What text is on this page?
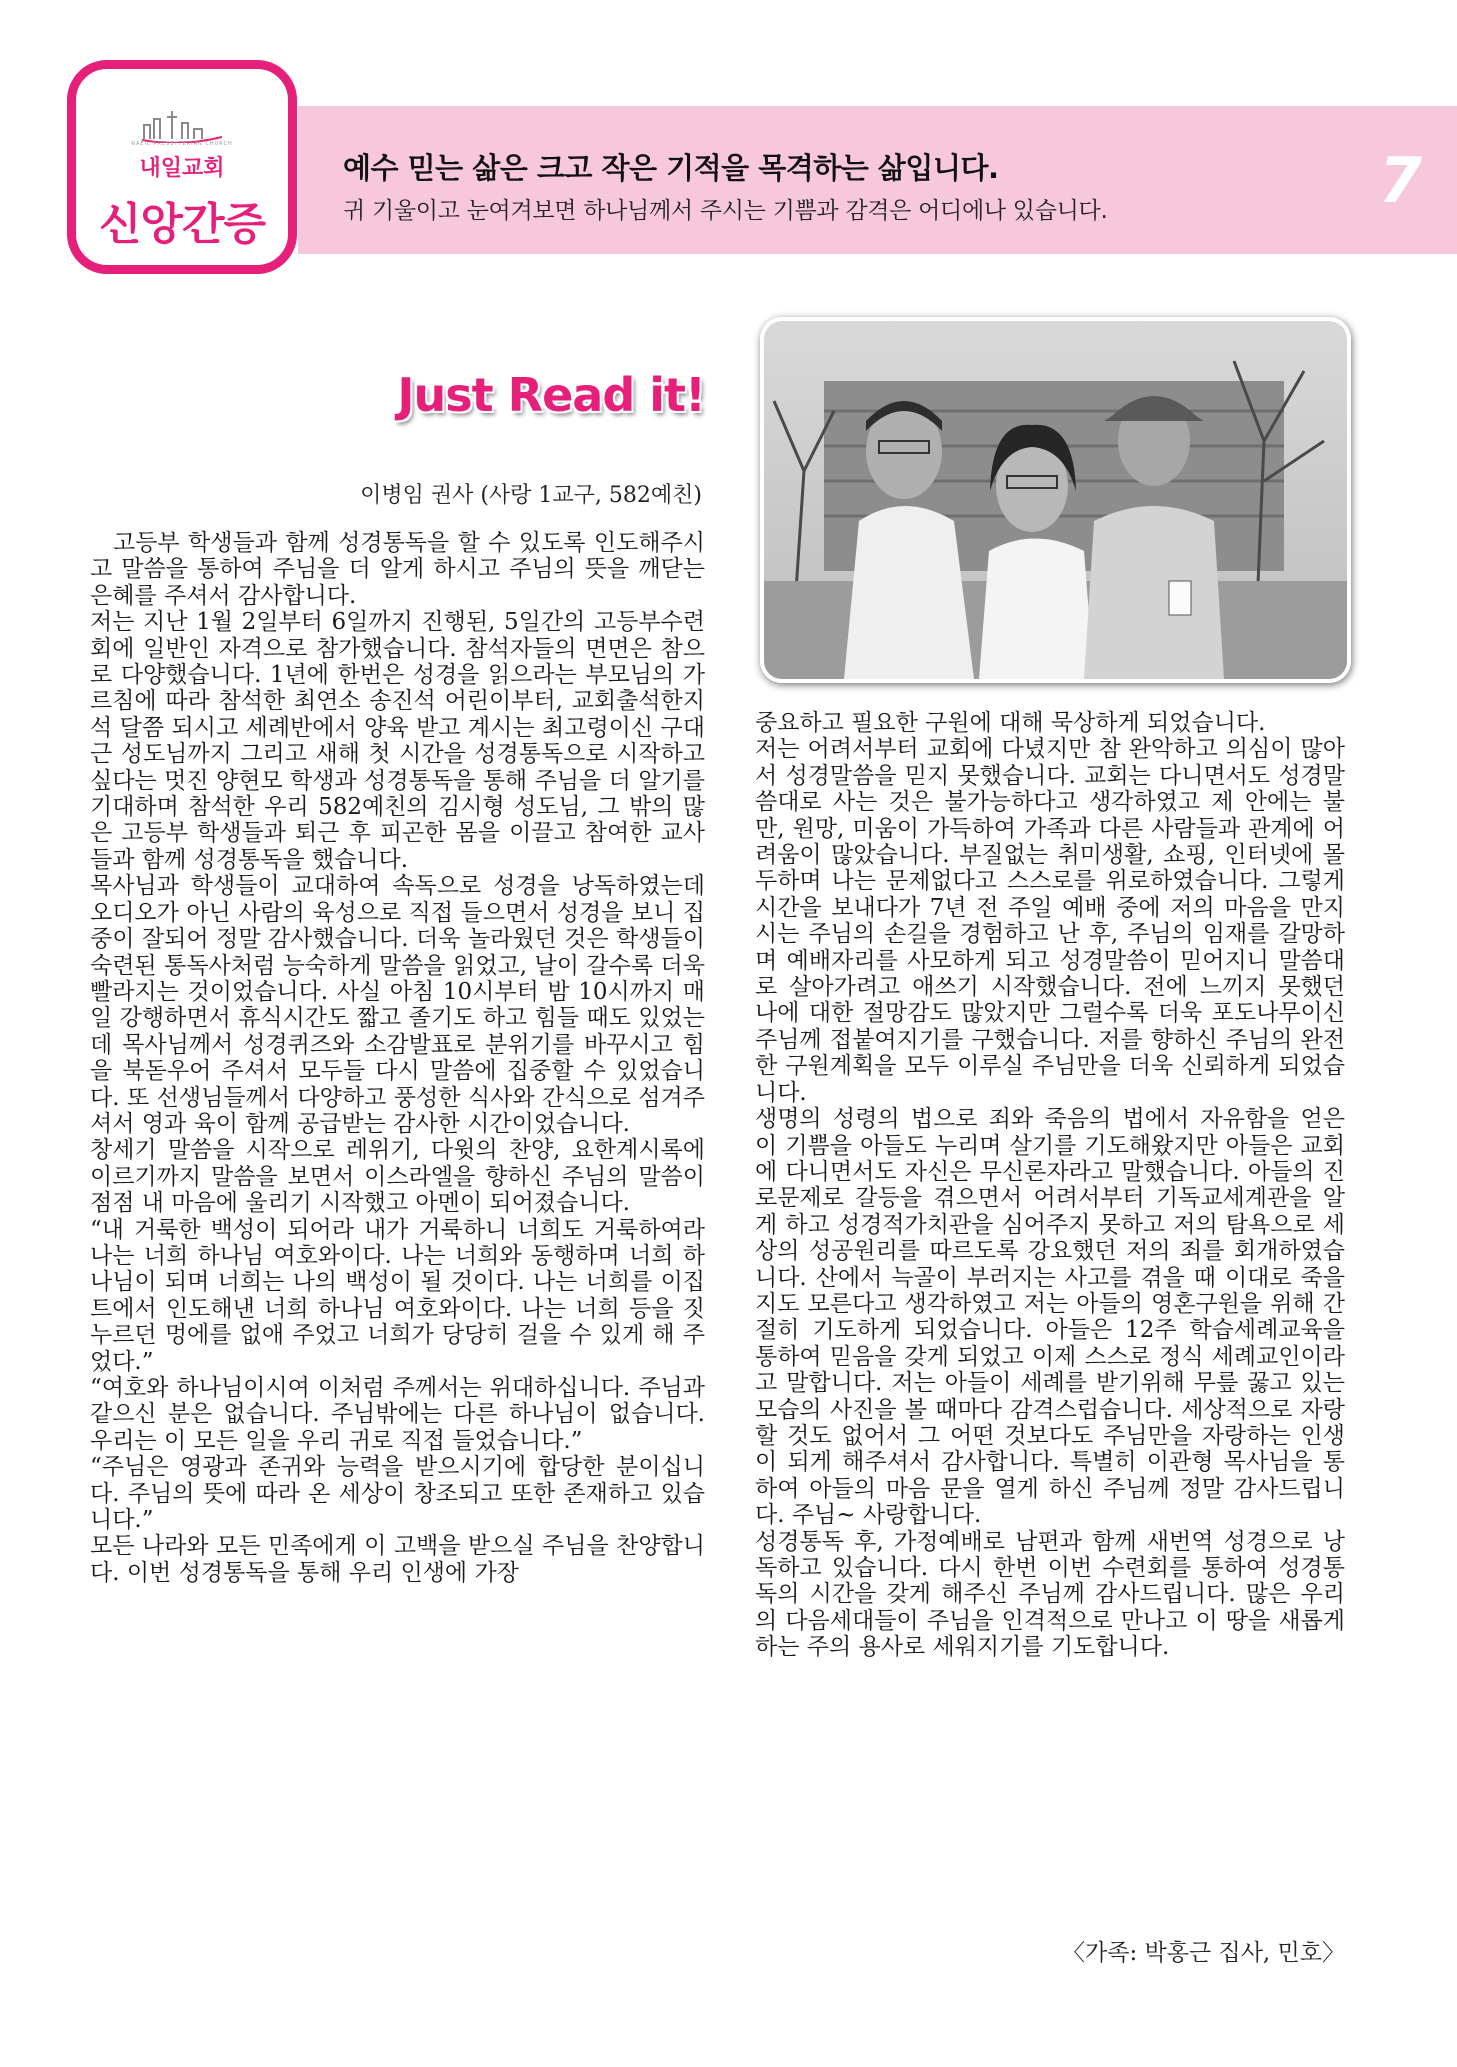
NAEIL PRESBYTERIAN CHURCH
내일교회
신앙간증
예수 믿는 삶은 크고 작은 기적을 목격하는 삶입니다.
귀 기울이고 눈여겨보면 하나님께서 주시는 기쁨과 감격은 어디에나 있습니다.	7
Just Read it!
이병임 권사 (사랑 1교구, 582예친)

고등부 학생들과 함께 성경통독을 할 수 있도록 인도해주시고 말씀을 통하여 주님을 더 알게 하시고 주님의 뜻을 깨닫는 은혜를 주셔서 감사합니다.

저는 지난 1월 2일부터 6일까지 진행된, 5일간의 고등부수련회에 일반인 자격으로 참가했습니다. 참석자들의 면면은 참으로 다양했습니다. 1년에 한번은 성경을 읽으라는 부모님의 가르침에 따라 참석한 최연소 송진석 어린이부터, 교회출석한지 석 달쯤 되시고 세례반에서 양육 받고 계시는 최고령이신 구대근 성도님까지 그리고 새해 첫 시간을 성경통독으로 시작하고 싶다는 멋진 양현모 학생과 성경통독을 통해 주님을 더 알기를 기대하며 참석한 우리 582예친의 김시형 성도님, 그 밖의 많은 고등부 학생들과 퇴근 후 피곤한 몸을 이끌고 참여한 교사들과 함께 성경통독을 했습니다.

목사님과 학생들이 교대하여 속독으로 성경을 낭독하였는데 오디오가 아닌 사람의 육성으로 직접 들으면서 성경을 보니 집중이 잘되어 정말 감사했습니다. 더욱 놀라웠던 것은 학생들이 숙련된 통독사처럼 능숙하게 말씀을 읽었고, 날이 갈수록 더욱 빨라지는 것이었습니다. 사실 아침 10시부터 밤 10시까지 매일 강행하면서 휴식시간도 짧고 졸기도 하고 힘들 때도 있었는데 목사님께서 성경퀴즈와 소감발표로 분위기를 바꾸시고 힘을 북돋우어 주셔서 모두들 다시 말씀에 집중할 수 있었습니다. 또 선생님들께서 다양하고 풍성한 식사와 간식으로 섬겨주셔서 영과 육이 함께 공급받는 감사한 시간이었습니다.

창세기 말씀을 시작으로 레위기, 다윗의 찬양, 요한계시록에 이르기까지 말씀을 보면서 이스라엘을 향하신 주님의 말씀이 점점 내 마음에 울리기 시작했고 아멘이 되어졌습니다.

“내 거룩한 백성이 되어라 내가 거룩하니 너희도 거룩하여라 나는 너희 하나님 여호와이다. 나는 너희와 동행하며 너희 하나님이 되며 너희는 나의 백성이 될 것이다. 나는 너희를 이집트에서 인도해낸 너희 하나님 여호와이다. 나는 너희 등을 짓누르던 멍에를 없애 주었고 너희가 당당히 걸을 수 있게 해 주었다.”

“여호와 하나님이시여 이처럼 주께서는 위대하십니다. 주님과 같으신 분은 없습니다. 주님밖에는 다른 하나님이 없습니다. 우리는 이 모든 일을 우리 귀로 직접 들었습니다.”

“주님은 영광과 존귀와 능력을 받으시기에 합당한 분이십니다. 주님의 뜻에 따라 온 세상이 창조되고 또한 존재하고 있습니다.”

모든 나라와 모든 민족에게 이 고백을 받으실 주님을 찬양합니다. 이번 성경통독을 통해 우리 인생에 가장

중요하고 필요한 구원에 대해 묵상하게 되었습니다.

저는 어려서부터 교회에 다녔지만 참 완악하고 의심이 많아서 성경말씀을 믿지 못했습니다. 교회는 다니면서도 성경말씀대로 사는 것은 불가능하다고 생각하였고 제 안에는 불만, 원망, 미움이 가득하여 가족과 다른 사람들과 관계에 어려움이 많았습니다. 부질없는 취미생활, 쇼핑, 인터넷에 몰두하며 나는 문제없다고 스스로를 위로하였습니다. 그렇게 시간을 보내다가 7년 전 주일 예배 중에 저의 마음을 만지시는 주님의 손길을 경험하고 난 후, 주님의 임재를 갈망하며 예배자리를 사모하게 되고 성경말씀이 믿어지니 말씀대로 살아가려고 애쓰기 시작했습니다. 전에 느끼지 못했던 나에 대한 절망감도 많았지만 그럴수록 더욱 포도나무이신 주님께 접붙여지기를 구했습니다. 저를 향하신 주님의 완전한 구원계획을 모두 이루실 주님만을 더욱 신뢰하게 되었습니다.

생명의 성령의 법으로 죄와 죽음의 법에서 자유함을 얻은 이 기쁨을 아들도 누리며 살기를 기도해왔지만 아들은 교회에 다니면서도 자신은 무신론자라고 말했습니다. 아들의 진로문제로 갈등을 겪으면서 어려서부터 기독교세계관을 알게 하고 성경적가치관을 심어주지 못하고 저의 탐욕으로 세상의 성공원리를 따르도록 강요했던 저의 죄를 회개하였습니다. 산에서 늑골이 부러지는 사고를 겪을 때 이대로 죽을지도 모른다고 생각하였고 저는 아들의 영혼구원을 위해 간절히 기도하게 되었습니다. 아들은 12주 학습세례교육을 통하여 믿음을 갖게 되었고 이제 스스로 정식 세례교인이라고 말합니다. 저는 아들이 세례를 받기위해 무릎 꿇고 있는 모습의 사진을 볼 때마다 감격스럽습니다. 세상적으로 자랑할 것도 없어서 그 어떤 것보다도 주님만을 자랑하는 인생이 되게 해주셔서 감사합니다. 특별히 이관형 목사님을 통하여 아들의 마음 문을 열게 하신 주님께 정말 감사드립니다. 주님~ 사랑합니다.

성경통독 후, 가정예배로 남편과 함께 새번역 성경으로 낭독하고 있습니다. 다시 한번 이번 수련회를 통하여 성경통독의 시간을 갖게 해주신 주님께 감사드립니다. 많은 우리의 다음세대들이 주님을 인격적으로 만나고 이 땅을 새롭게 하는 주의 용사로 세워지기를 기도합니다.

〈가족: 박홍근 집사, 민호〉
